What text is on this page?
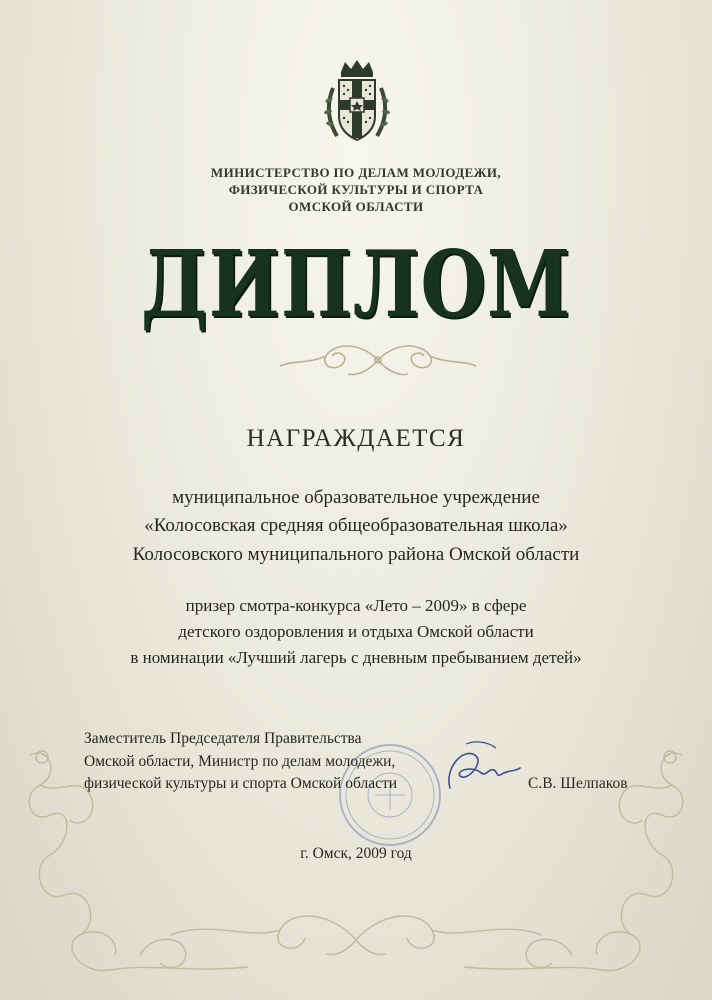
МИНИСТЕРСТВО ПО ДЕЛАМ МОЛОДЕЖИ,
ФИЗИЧЕСКОЙ КУЛЬТУРЫ И СПОРТА
ОМСКОЙ ОБЛАСТИ
ДИПЛОМ
НАГРАЖДАЕТСЯ
муниципальное образовательное учреждение
«Колосовская средняя общеобразовательная школа»
Колосовского муниципального района Омской области
призер смотра-конкурса «Лето – 2009» в сфере
детского оздоровления и отдыха Омской области
в номинации «Лучший лагерь с дневным пребыванием детей»
Заместитель Председателя Правительства
Омской области, Министр по делам молодежи,
физической культуры и спорта Омской области	С.В. Шелпаков
г. Омск, 2009 год
